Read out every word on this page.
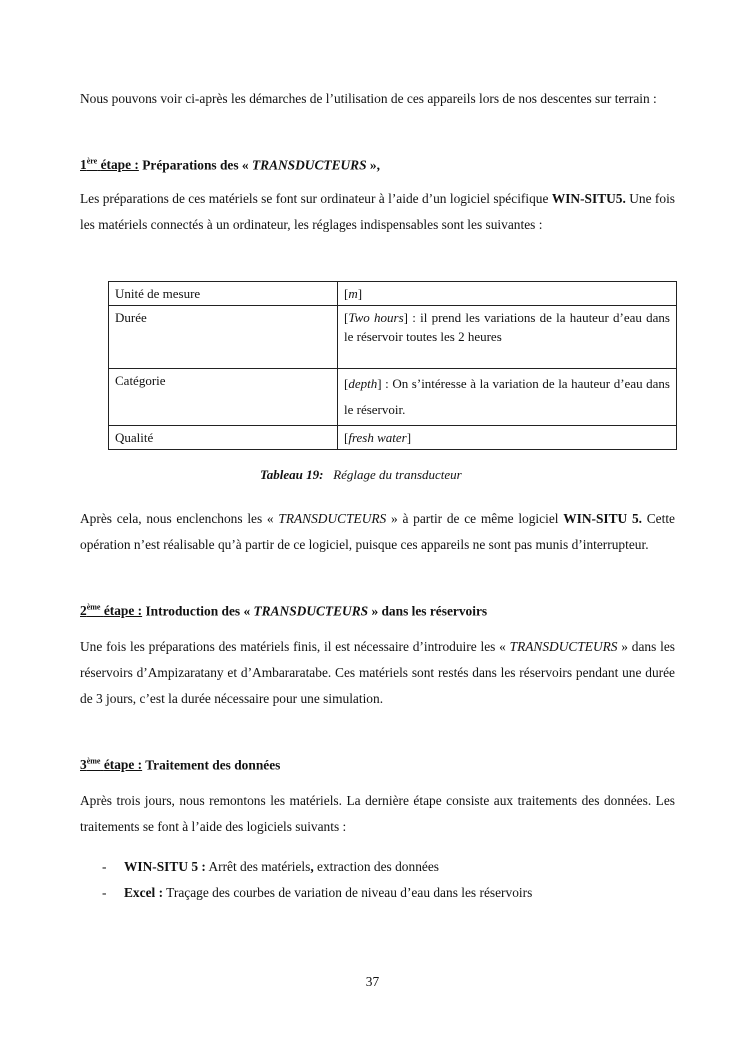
Nous pouvons voir ci-après les démarches de l’utilisation de ces appareils lors de nos descentes sur terrain :

1ère étape : Préparations des « TRANSDUCTEURS »,

Les préparations de ces matériels se font sur ordinateur à l’aide d’un logiciel spécifique WIN-SITU5. Une fois les matériels connectés à un ordinateur, les réglages indispensables sont les suivantes :

Unité de mesure	[m]
Durée	[Two hours] : il prend les variations de la hauteur d’eau dans le réservoir toutes les 2 heures
Catégorie	[depth] : On s’intéresse à la variation de la hauteur d’eau dans le réservoir.
Qualité	[fresh water]
Tableau 19: Réglage du transducteur

Après cela, nous enclenchons les « TRANSDUCTEURS » à partir de ce même logiciel WIN-SITU 5. Cette opération n’est réalisable qu’à partir de ce logiciel, puisque ces appareils ne sont pas munis d’interrupteur.

2ème étape : Introduction des « TRANSDUCTEURS » dans les réservoirs

Une fois les préparations des matériels finis, il est nécessaire d’introduire les « TRANSDUCTEURS » dans les réservoirs d’Ampizaratany et d’Ambararatabe. Ces matériels sont restés dans les réservoirs pendant une durée de 3 jours, c’est la durée nécessaire pour une simulation.

3ème étape : Traitement des données

Après trois jours, nous remontons les matériels. La dernière étape consiste aux traitements des données. Les traitements se font à l’aide des logiciels suivants :

- WIN-SITU 5 : Arrêt des matériels, extraction des données
- Excel : Traçage des courbes de variation de niveau d’eau dans les réservoirs
37
